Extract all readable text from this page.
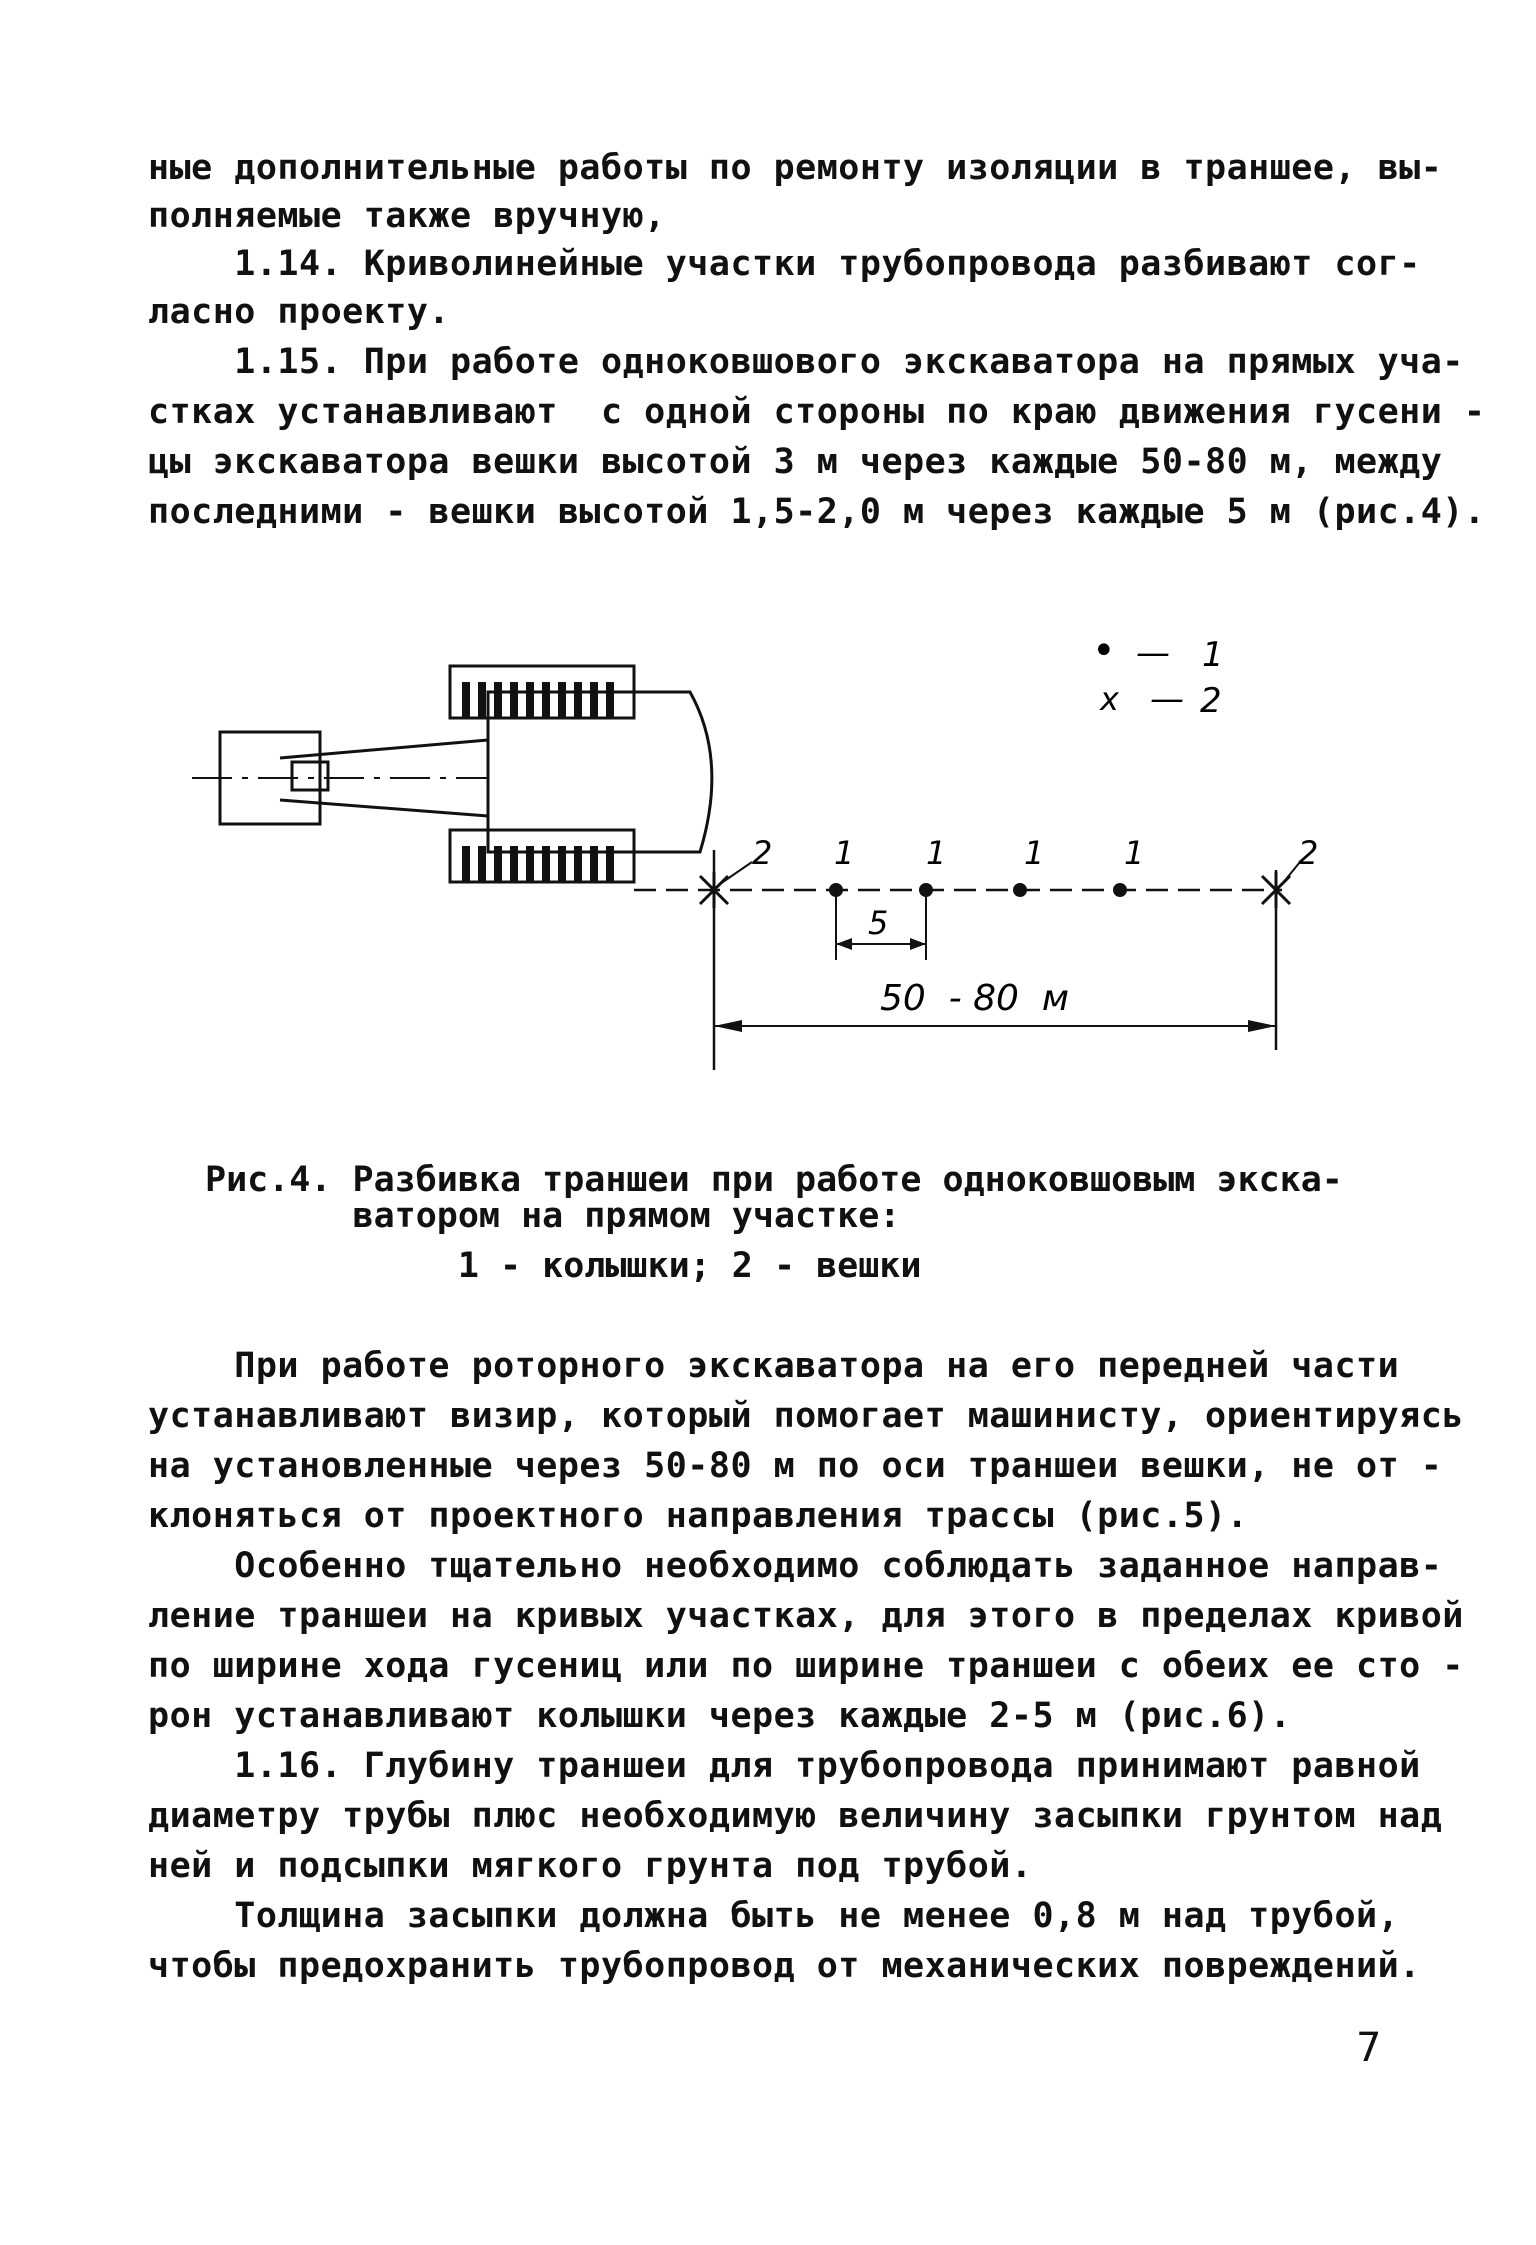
ные дополнительные работы по ремонту изоляции в траншее, вы-
полняемые также вручную,
1.14. Криволинейные участки трубопровода разбивают сог-
ласно проекту.
1.15. При работе одноковшового экскаватора на прямых уча-
стках устанавливают  с одной стороны по краю движения гусени -
цы экскаватора вешки высотой 3 м через каждые 50-80 м, между
последними - вешки высотой 1,5-2,0 м через каждые 5 м (рис.4).
2 1 1 1 1	2
5
50  - 80  м
• — 1
x — 2
Рис.4. Разбивка траншеи при работе одноковшовым экска-
ватором на прямом участке:
1 - колышки; 2 - вешки
При работе роторного экскаватора на его передней части
устанавливают визир, который помогает машинисту, ориентируясь
на установленные через 50-80 м по оси траншеи вешки, не от -
клоняться от проектного направления трассы (рис.5).
Особенно тщательно необходимо соблюдать заданное направ-
ление траншеи на кривых участках, для этого в пределах кривой
по ширине хода гусениц или по ширине траншеи с обеих ее сто -
рон устанавливают колышки через каждые 2-5 м (рис.6).
1.16. Глубину траншеи для трубопровода принимают равной
диаметру трубы плюс необходимую величину засыпки грунтом над
ней и подсыпки мягкого грунта под трубой.
Толщина засыпки должна быть не менее 0,8 м над трубой,
чтобы предохранить трубопровод от механических повреждений.
7
